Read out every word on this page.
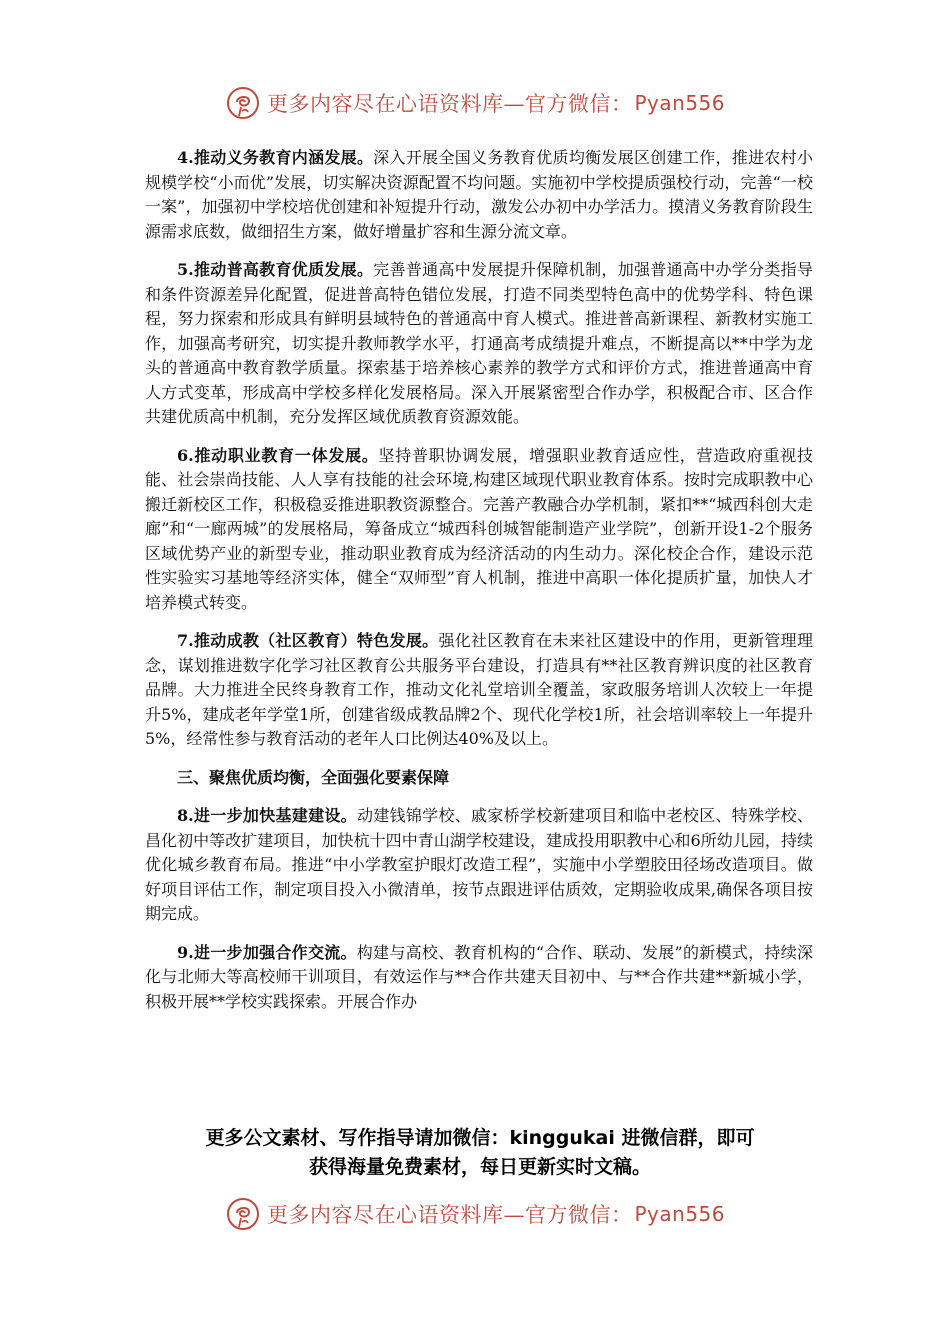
更多内容尽在心语资料库—官方微信： Pyan556

4.推动义务教育内涵发展。深入开展全国义务教育优质均衡发展区创建工作，推进农村小规模学校“小而优”发展，切实解决资源配置不均问题。实施初中学校提质强校行动，完善“一校一案”，加强初中学校培优创建和补短提升行动，激发公办初中办学活力。摸清义务教育阶段生源需求底数，做细招生方案，做好增量扩容和生源分流文章。

5.推动普高教育优质发展。完善普通高中发展提升保障机制，加强普通高中办学分类指导和条件资源差异化配置，促进普高特色错位发展，打造不同类型特色高中的优势学科、特色课程，努力探索和形成具有鲜明县域特色的普通高中育人模式。推进普高新课程、新教材实施工作，加强高考研究，切实提升教师教学水平，打通高考成绩提升难点，不断提高以**中学为龙头的普通高中教育教学质量。探索基于培养核心素养的教学方式和评价方式，推进普通高中育人方式变革，形成高中学校多样化发展格局。深入开展紧密型合作办学，积极配合市、区合作共建优质高中机制，充分发挥区域优质教育资源效能。

6.推动职业教育一体发展。坚持普职协调发展，增强职业教育适应性，营造政府重视技能、社会崇尚技能、人人享有技能的社会环境,构建区域现代职业教育体系。按时完成职教中心搬迁新校区工作，积极稳妥推进职教资源整合。完善产教融合办学机制，紧扣**“城西科创大走廊”和“一廊两城”的发展格局，筹备成立“城西科创城智能制造产业学院”，创新开设1-2个服务区域优势产业的新型专业，推动职业教育成为经济活动的内生动力。深化校企合作，建设示范性实验实习基地等经济实体，健全“双师型”育人机制，推进中高职一体化提质扩量，加快人才培养模式转变。

7.推动成教（社区教育）特色发展。强化社区教育在未来社区建设中的作用，更新管理理念，谋划推进数字化学习社区教育公共服务平台建设，打造具有**社区教育辨识度的社区教育品牌。大力推进全民终身教育工作，推动文化礼堂培训全覆盖，家政服务培训人次较上一年提升5%，建成老年学堂1所，创建省级成教品牌2个、现代化学校1所，社会培训率较上一年提升5%，经常性参与教育活动的老年人口比例达40%及以上。

三、聚焦优质均衡，全面强化要素保障

8.进一步加快基建建设。动建钱锦学校、戚家桥学校新建项目和临中老校区、特殊学校、昌化初中等改扩建项目，加快杭十四中青山湖学校建设，建成投用职教中心和6所幼儿园，持续优化城乡教育布局。推进“中小学教室护眼灯改造工程”，实施中小学塑胶田径场改造项目。做好项目评估工作，制定项目投入小微清单，按节点跟进评估质效，定期验收成果,确保各项目按期完成。

9.进一步加强合作交流。构建与高校、教育机构的“合作、联动、发展”的新模式，持续深化与北师大等高校师干训项目，有效运作与**合作共建天目初中、与**合作共建**新城小学，积极开展**学校实践探索。开展合作办

更多公文素材、写作指导请加微信：kinggukai 进微信群，即可
获得海量免费素材，每日更新实时文稿。
更多内容尽在心语资料库—官方微信： Pyan556
